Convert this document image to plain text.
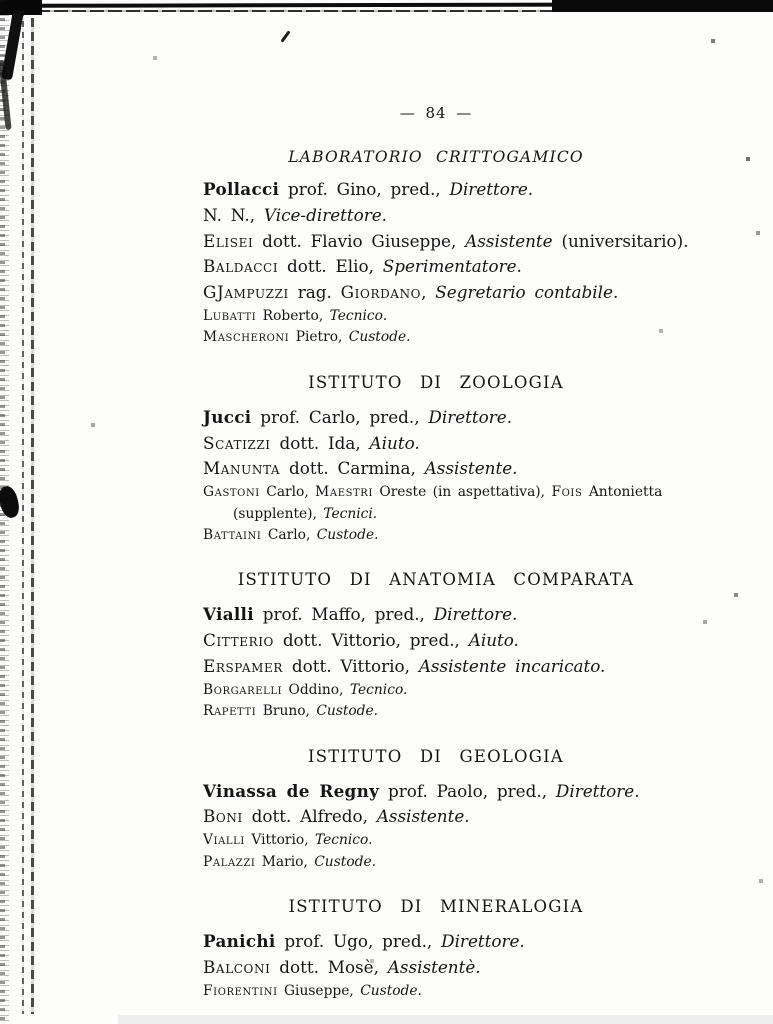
— 84 —
LABORATORIO CRITTOGAMICO

Pollacci prof. Gino, pred., Direttore.

N. N., Vice-direttore.

Elisei dott. Flavio Giuseppe, Assistente (universitario).

Baldacci dott. Elio, Sperimentatore.

GJampuzzi rag. Giordano, Segretario contabile.

Lubatti Roberto, Tecnico.

Mascheroni Pietro, Custode.

ISTITUTO DI ZOOLOGIA

Jucci prof. Carlo, pred., Direttore.

Scatizzi dott. Ida, Aiuto.

Manunta dott. Carmina, Assistente.

Gastoni Carlo, Maestri Oreste (in aspettativa), Fois Antonietta
(supplente), Tecnici.

Battaini Carlo, Custode.

ISTITUTO DI ANATOMIA COMPARATA

Vialli prof. Maffo, pred., Direttore.

Citterio dott. Vittorio, pred., Aiuto.

Erspamer dott. Vittorio, Assistente incaricato.

Borgarelli Oddino, Tecnico.

Rapetti Bruno, Custode.

ISTITUTO DI GEOLOGIA

Vinassa de Regny prof. Paolo, pred., Direttore.

Boni dott. Alfredo, Assistente.

Vialli Vittorio, Tecnico.

Palazzi Mario, Custode.

ISTITUTO DI MINERALOGIA

Panichi prof. Ugo, pred., Direttore.

Balconi dott. Mosè, Assistentè.

Fiorentini Giuseppe, Custode.
